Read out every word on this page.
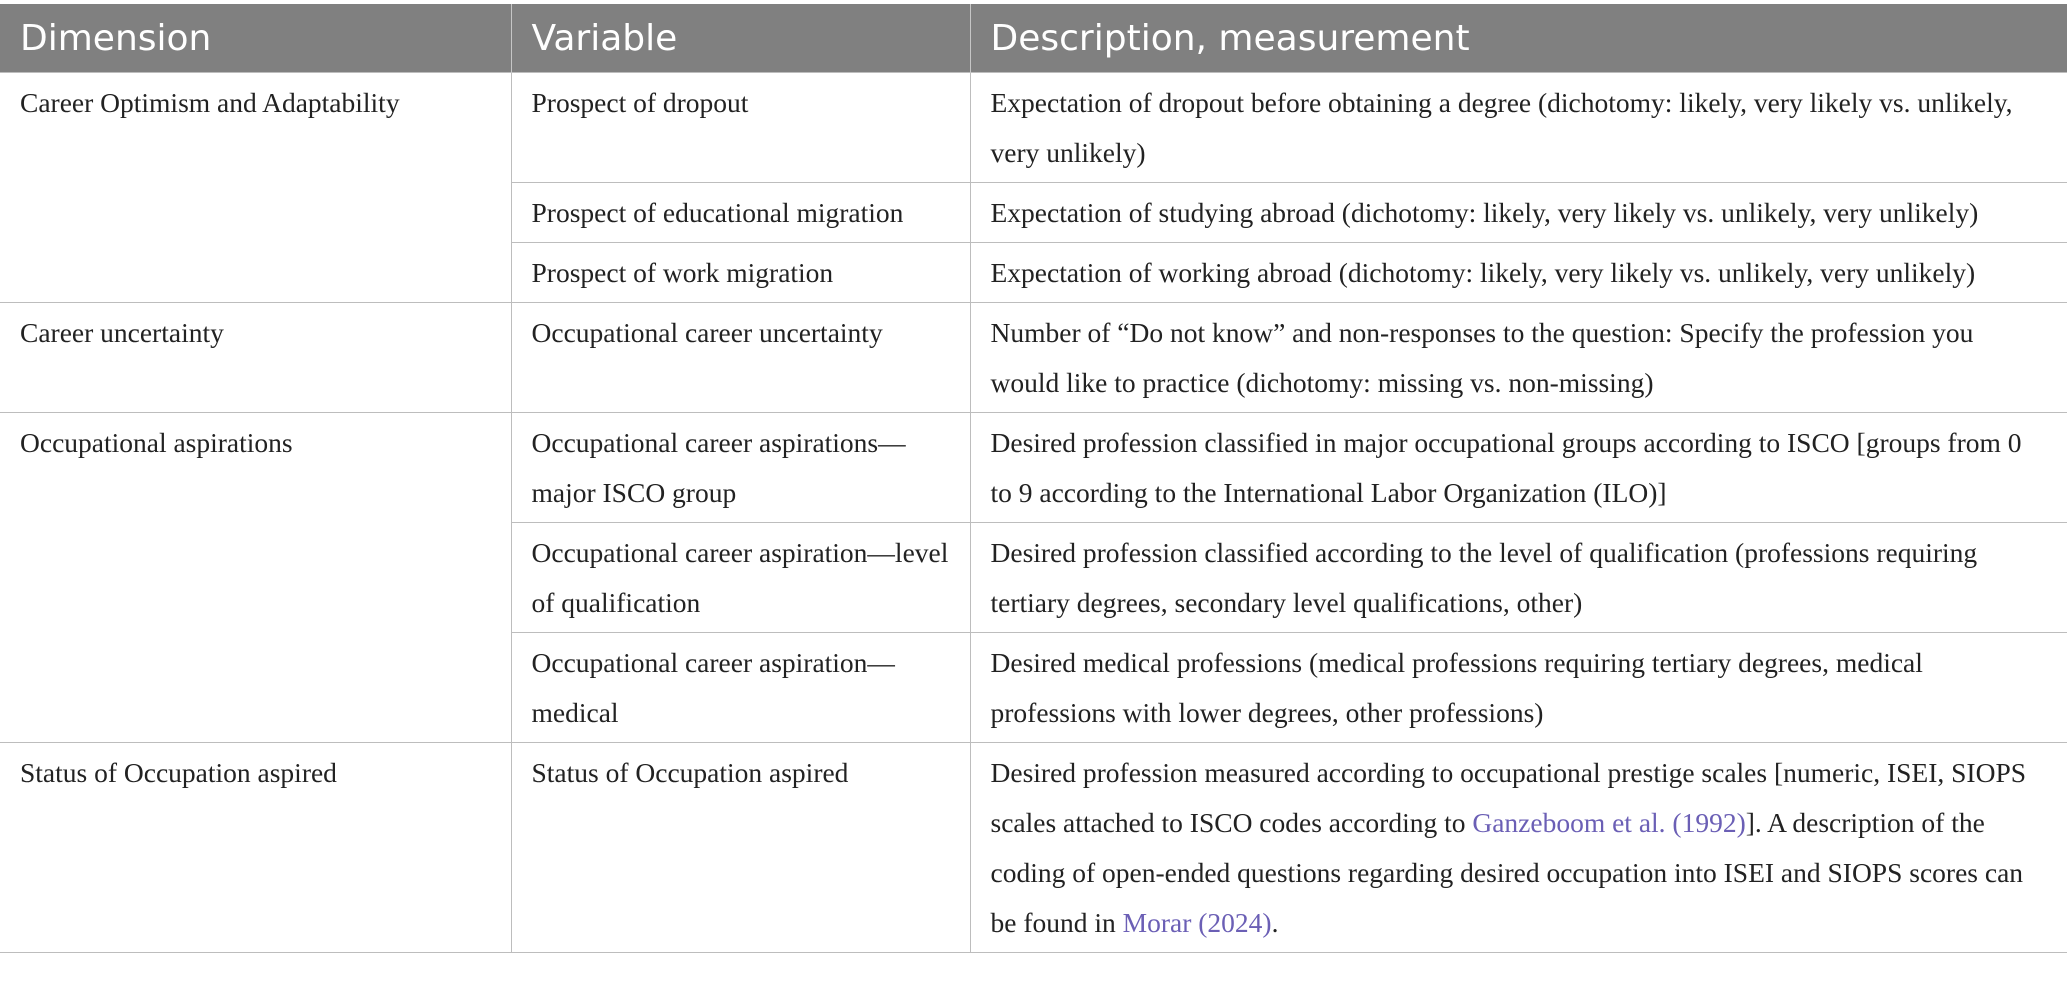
Dimension	Variable	Description, measurement
Career Optimism and Adaptability	Prospect of dropout	Expectation of dropout before obtaining a degree (dichotomy: likely, very likely vs. unlikely, very unlikely)
	Prospect of educational migration	Expectation of studying abroad (dichotomy: likely, very likely vs. unlikely, very unlikely)
	Prospect of work migration	Expectation of working abroad (dichotomy: likely, very likely vs. unlikely, very unlikely)
Career uncertainty	Occupational career uncertainty	Number of “Do not know” and non-responses to the question: Specify the profession you would like to practice (dichotomy: missing vs. non-missing)
Occupational aspirations	Occupational career aspirations—major ISCO group	Desired profession classified in major occupational groups according to ISCO [groups from 0 to 9 according to the International Labor Organization (ILO)]
	Occupational career aspiration—level of qualification	Desired profession classified according to the level of qualification (professions requiring tertiary degrees, secondary level qualifications, other)
	Occupational career aspiration—medical	Desired medical professions (medical professions requiring tertiary degrees, medical professions with lower degrees, other professions)
Status of Occupation aspired	Status of Occupation aspired	Desired profession measured according to occupational prestige scales [numeric, ISEI, SIOPS scales attached to ISCO codes according to Ganzeboom et al. (1992)]. A description of the coding of open-ended questions regarding desired occupation into ISEI and SIOPS scores can be found in Morar (2024).
